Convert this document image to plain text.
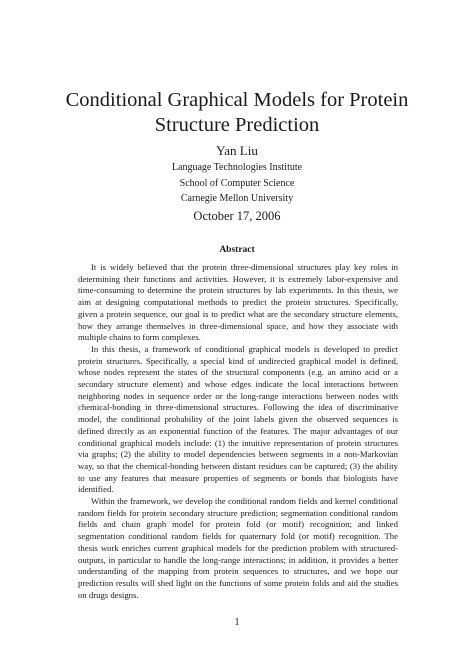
Conditional Graphical Models for Protein Structure Prediction
Yan Liu
Language Technologies Institute
School of Computer Science
Carnegie Mellon University
October 17, 2006
Abstract

It is widely believed that the protein three-dimensional structures play key roles in determining their functions and activities. However, it is extremely labor-expensive and time-consuming to determine the protein structures by lab experiments. In this thesis, we aim at designing computational methods to predict the protein structures. Specifically, given a protein sequence, our goal is to predict what are the secondary structure elements, how they arrange themselves in three-dimensional space, and how they associate with multiple chains to form complexes.

In this thesis, a framework of conditional graphical models is developed to predict protein structures. Specifically, a special kind of undirected graphical model is defined, whose nodes represent the states of the structural components (e.g. an amino acid or a secondary structure element) and whose edges indicate the local interactions between neighboring nodes in sequence order or the long-range interactions between nodes with chemical-bonding in three-dimensional structures. Following the idea of discriminative model, the conditional probability of the joint labels given the observed sequences is defined directly as an exponential function of the features. The major advantages of our conditional graphical models include: (1) the intuitive representation of protein structures via graphs; (2) the ability to model dependencies between segments in a non-Markovian way, so that the chemical-bonding between distant residues can be captured; (3) the ability to use any features that measure properties of segments or bonds that biologists have identified.

Within the framework, we develop the conditional random fields and kernel conditional random fields for protein secondary structure prediction; segmentation conditional random fields and chain graph model for protein fold (or motif) recognition; and linked segmentation conditional random fields for quaternary fold (or motif) recognition. The thesis work enriches current graphical models for the prediction problem with structured-outputs, in particular to handle the long-range interactions; in addition, it provides a better understanding of the mapping from protein sequences to structures, and we hope our prediction results will shed light on the functions of some protein folds and aid the studies on drugs designs.

1
